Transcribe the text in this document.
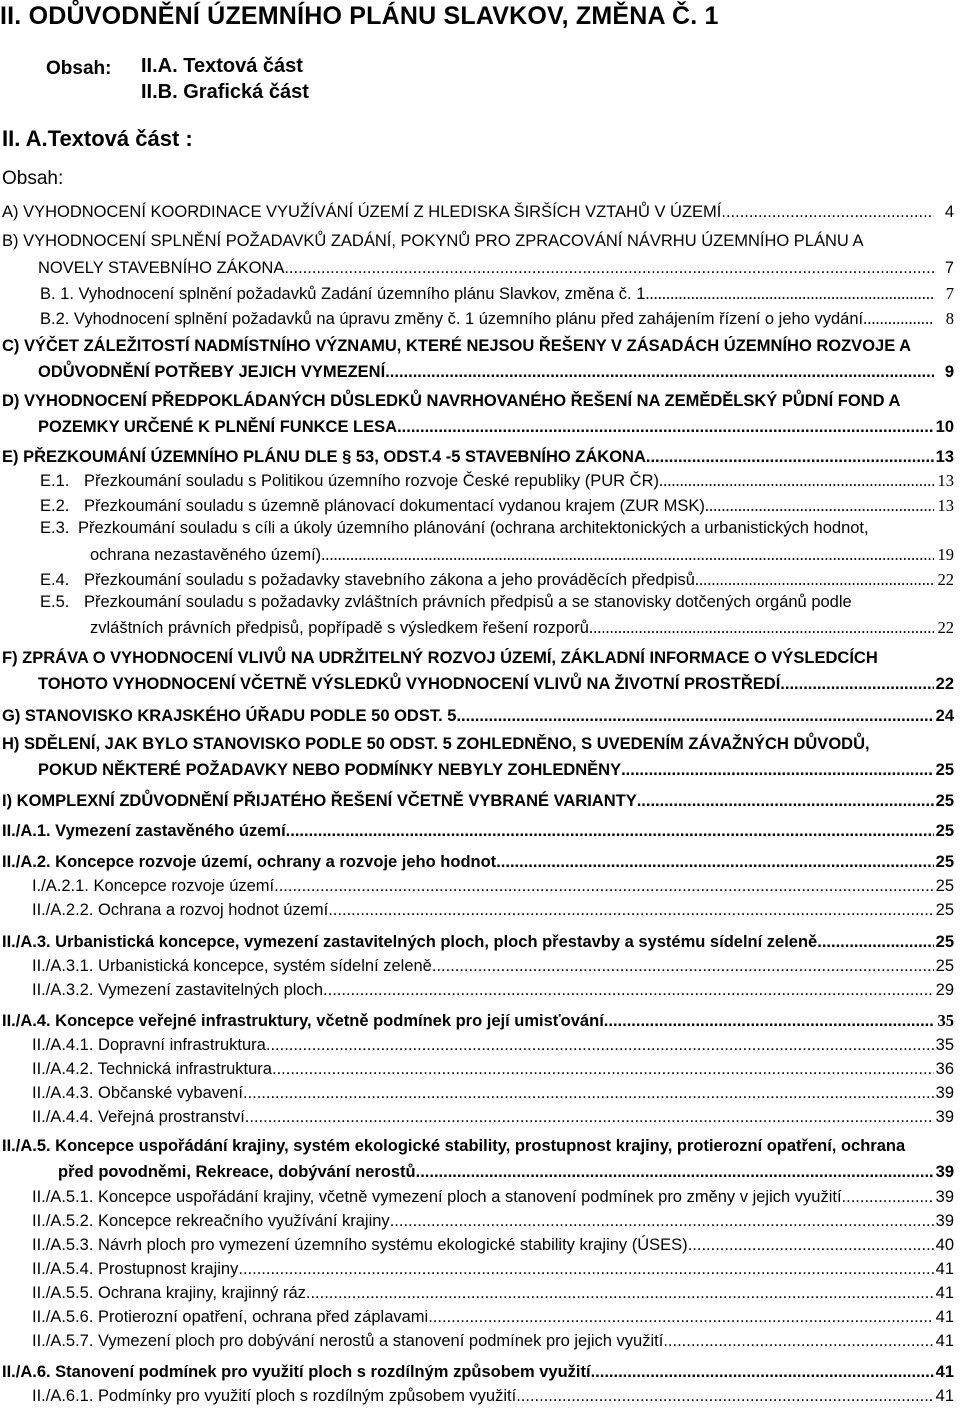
II. ODŮVODNĚNÍ ÚZEMNÍHO PLÁNU SLAVKOV, ZMĚNA Č. 1
Obsah: II.A. Textová část
II.B. Grafická část
II. A.Textová část :
Obsah:
A) VYHODNOCENÍ KOORDINACE VYUŽÍVÁNÍ ÚZEMÍ Z HLEDISKA ŠIRŠÍCH VZTAHŮ V ÚZEMÍ .....	4
B) VYHODNOCENÍ SPLNĚNÍ POŽADAVKŮ ZADÁNÍ, POKYNŮ PRO ZPRACOVÁNÍ NÁVRHU ÚZEMNÍHO PLÁNU A
NOVELY STAVEBNÍHO ZÁKONA .....	7
B. 1. Vyhodnocení splnění požadavků Zadání územního plánu Slavkov, změna č. 1 .....	7
B.2. Vyhodnocení splnění požadavků na úpravu změny č. 1 územního plánu před zahájením řízení o jeho vydání .....	8
C) VÝČET ZÁLEŽITOSTÍ NADMÍSTNÍHO VÝZNAMU, KTERÉ NEJSOU ŘEŠENY V ZÁSADÁCH ÚZEMNÍHO ROZVOJE A
ODŮVODNĚNÍ POTŘEBY JEJICH VYMEZENÍ .....	9
D) VYHODNOCENÍ PŘEDPOKLÁDANÝCH DŮSLEDKŮ NAVRHOVANÉHO ŘEŠENÍ NA ZEMĚDĚLSKÝ PŮDNÍ FOND A
POZEMKY URČENÉ K PLNĚNÍ FUNKCE LESA .....	10
E) PŘEZKOUMÁNÍ ÚZEMNÍHO PLÁNU DLE § 53, ODST.4 -5 STAVEBNÍHO ZÁKONA .....	13
E.1. Přezkoumání souladu s Politikou územního rozvoje České republiky (PUR ČR) .....	13
E.2. Přezkoumání souladu s územně plánovací dokumentací vydanou krajem (ZUR MSK) .....	13
E.3. Přezkoumání souladu s cíli a úkoly územního plánování (ochrana architektonických a urbanistických hodnot,
ochrana nezastavěného území) .....	19
E.4. Přezkoumání souladu s požadavky stavebního zákona a jeho prováděcích předpisů .....	22
E.5. Přezkoumání souladu s požadavky zvláštních právních předpisů a se stanovisky dotčených orgánů podle
zvláštních právních předpisů, popřípadě s výsledkem řešení rozporů .....	22
F) ZPRÁVA O VYHODNOCENÍ VLIVŮ NA UDRŽITELNÝ ROZVOJ ÚZEMÍ, ZÁKLADNÍ INFORMACE O VÝSLEDCÍCH
TOHOTO VYHODNOCENÍ VČETNĚ VÝSLEDKŮ VYHODNOCENÍ VLIVŮ NA ŽIVOTNÍ PROSTŘEDÍ .....	22
G) STANOVISKO KRAJSKÉHO ÚŘADU PODLE 50 ODST. 5 .....	24
H) SDĚLENÍ, JAK BYLO STANOVISKO PODLE 50 ODST. 5 ZOHLEDNĚNO, S UVEDENÍM ZÁVAŽNÝCH DŮVODŮ,
POKUD NĚKTERÉ POŽADAVKY NEBO PODMÍNKY NEBYLY ZOHLEDNĚNY .....	25
I) KOMPLEXNÍ ZDŮVODNĚNÍ PŘIJATÉHO ŘEŠENÍ VČETNĚ VYBRANÉ VARIANTY .....	25
II./A.1. Vymezení zastavěného území .....	25
II./A.2. Koncepce rozvoje území, ochrany a rozvoje jeho hodnot .....	25
I./A.2.1. Koncepce rozvoje území .....	25
II./A.2.2. Ochrana a rozvoj hodnot území .....	25
II./A.3. Urbanistická koncepce, vymezení zastavitelných ploch, ploch přestavby a systému sídelní zeleně .....	25
II./A.3.1. Urbanistická koncepce, systém sídelní zeleně .....	25
II./A.3.2. Vymezení zastavitelných ploch .....	29
II./A.4. Koncepce veřejné infrastruktury, včetně podmínek pro její umisťování .....	35
II./A.4.1. Dopravní infrastruktura .....	35
II./A.4.2. Technická infrastruktura .....	36
II./A.4.3. Občanské vybavení .....	39
II./A.4.4. Veřejná prostranství .....	39
II./A.5. Koncepce uspořádání krajiny, systém ekologické stability, prostupnost krajiny, protierozní opatření, ochrana
před povodněmi, Rekreace, dobývání nerostů .....	39
II./A.5.1. Koncepce uspořádání krajiny, včetně vymezení ploch a stanovení podmínek pro změny v jejich využití .....	39
II./A.5.2. Koncepce rekreačního využívání krajiny .....	39
II./A.5.3. Návrh ploch pro vymezení územního systému ekologické stability krajiny (ÚSES) .....	40
II./A.5.4. Prostupnost krajiny .....	41
II./A.5.5. Ochrana krajiny, krajinný ráz .....	41
II./A.5.6. Protierozní opatření, ochrana před záplavami .....	41
II./A.5.7. Vymezení ploch pro dobývání nerostů a stanovení podmínek pro jejich využití .....	41
II./A.6. Stanovení podmínek pro využití ploch s rozdílným způsobem využití .....	41
II./A.6.1. Podmínky pro využití ploch s rozdílným způsobem využití .....	41
